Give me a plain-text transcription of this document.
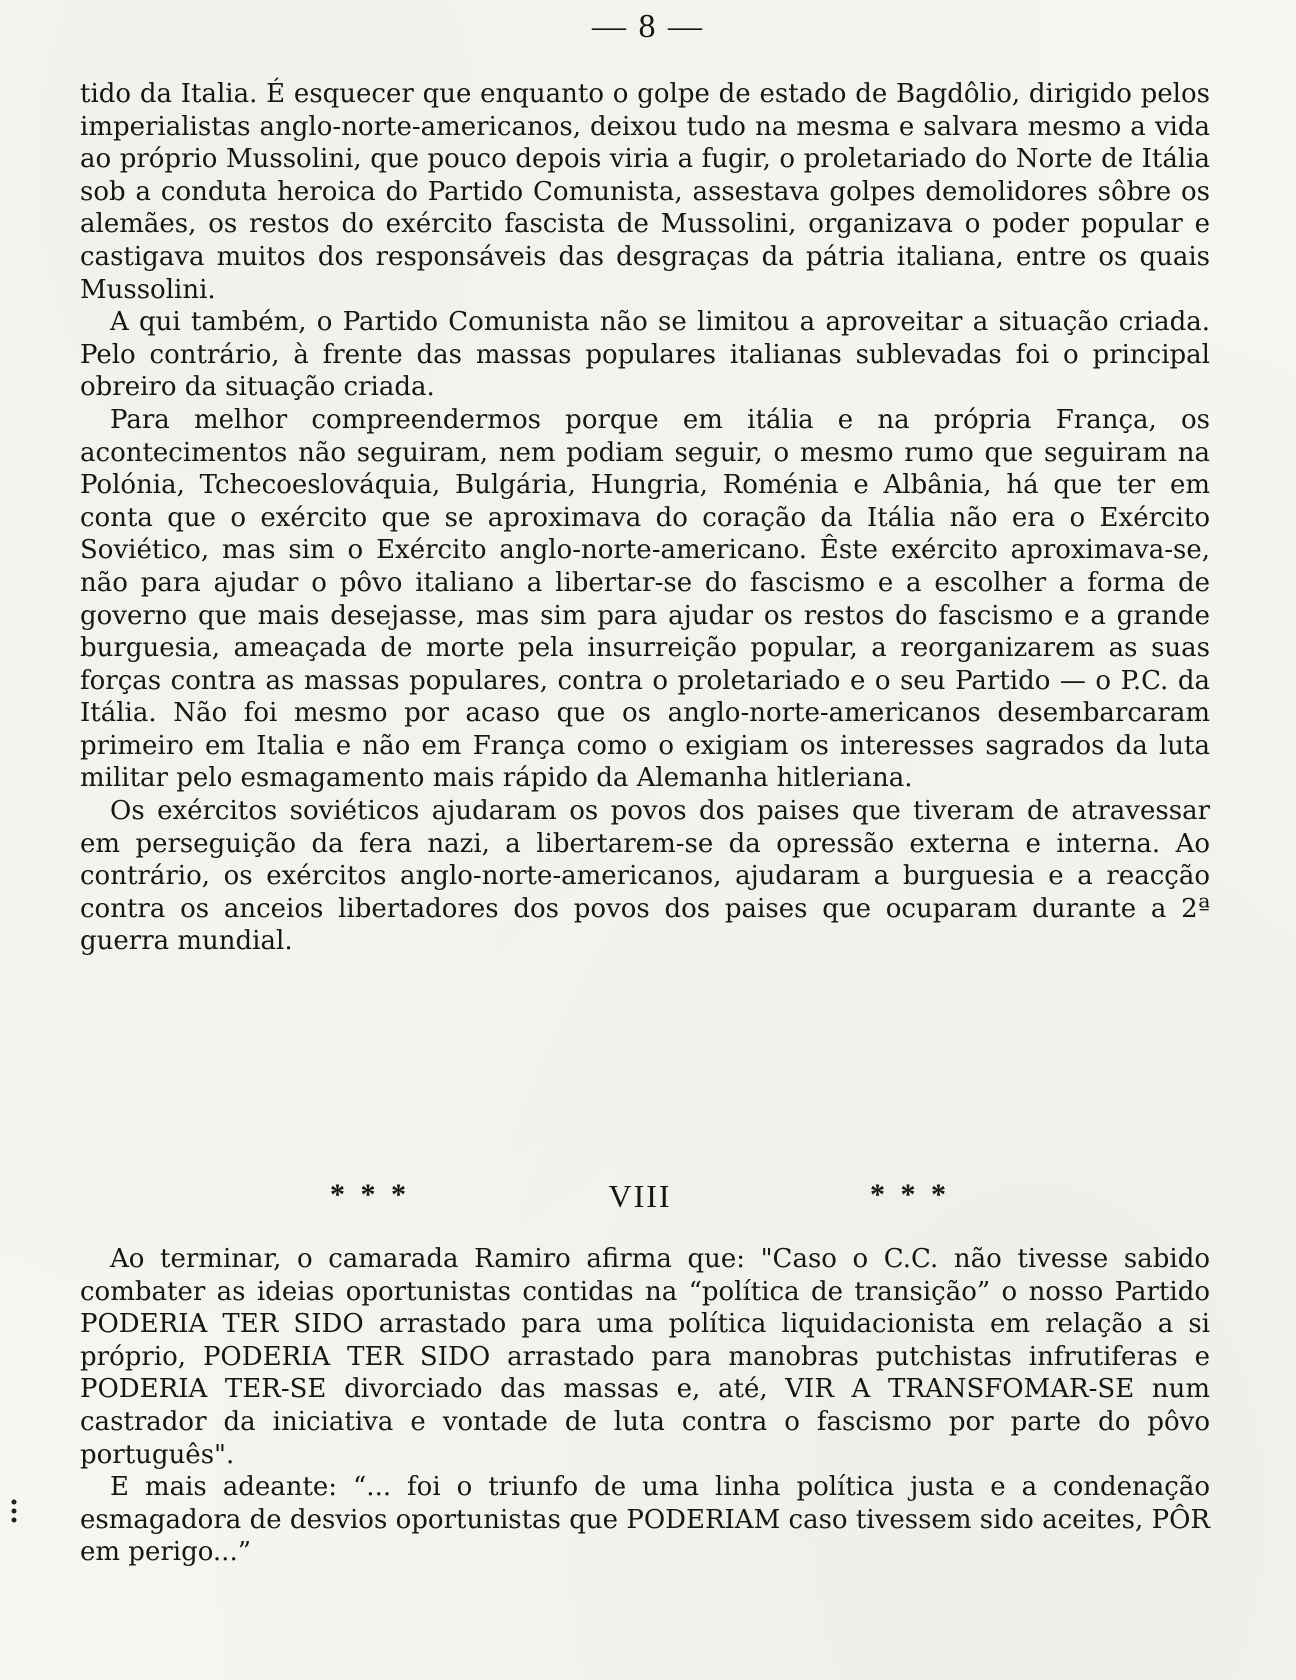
— 8 —

tido da Italia. É esquecer que enquanto o golpe de estado de Bagdôlio, dirigido pelos imperialistas anglo-norte-americanos, deixou tudo na mesma e salvara mesmo a vida ao próprio Mussolini, que pouco depois viria a fugir, o proletariado do Norte de Itália sob a conduta heroica do Partido Comunista, assestava golpes demolidores sôbre os alemães, os restos do exército fascista de Mussolini, organizava o poder popular e castigava muitos dos responsáveis das desgraças da pátria italiana, entre os quais Mussolini.

A qui também, o Partido Comunista não se limitou a aproveitar a situação criada. Pelo contrário, à frente das massas populares italianas sublevadas foi o principal obreiro da situação criada.

Para melhor compreendermos porque em itália e na própria França, os acontecimentos não seguiram, nem podiam seguir, o mesmo rumo que seguiram na Polónia, Tchecoeslováquia, Bulgária, Hungria, Roménia e Albânia, há que ter em conta que o exército que se aproximava do coração da Itália não era o Exército Soviético, mas sim o Exército anglo-norte-americano. Êste exército aproximava-se, não para ajudar o pôvo italiano a libertar-se do fascismo e a escolher a forma de governo que mais desejasse, mas sim para ajudar os restos do fascismo e a grande burguesia, ameaçada de morte pela insurreição popular, a reorganizarem as suas forças contra as massas populares, contra o proletariado e o seu Partido — o P.C. da Itália. Não foi mesmo por acaso que os anglo-norte-americanos desembarcaram primeiro em Italia e não em França como o exigiam os interesses sagrados da luta militar pelo esmagamento mais rápido da Alemanha hitleriana.

Os exércitos soviéticos ajudaram os povos dos paises que tiveram de atravessar em perseguição da fera nazi, a libertarem-se da opressão externa e interna. Ao contrário, os exércitos anglo-norte-americanos, ajudaram a burguesia e a reacção contra os anceios libertadores dos povos dos paises que ocuparam durante a 2ª guerra mundial.

* * *	VIII	* * *

Ao terminar, o camarada Ramiro afirma que: "Caso o C.C. não tivesse sabido combater as ideias oportunistas contidas na “política de transição” o nosso Partido PODERIA TER SIDO arrastado para uma política liquidacionista em relação a si próprio, PODERIA TER SIDO arrastado para manobras putchistas infrutiferas e PODERIA TER-SE divorciado das massas e, até, VIR A TRANSFOMAR-SE num castrador da iniciativa e vontade de luta contra o fascismo por parte do pôvo português".

E mais adeante: “... foi o triunfo de uma linha política justa e a condenação esmagadora de desvios oportunistas que PODERIAM caso tivessem sido aceites, PÔR em perigo...”
